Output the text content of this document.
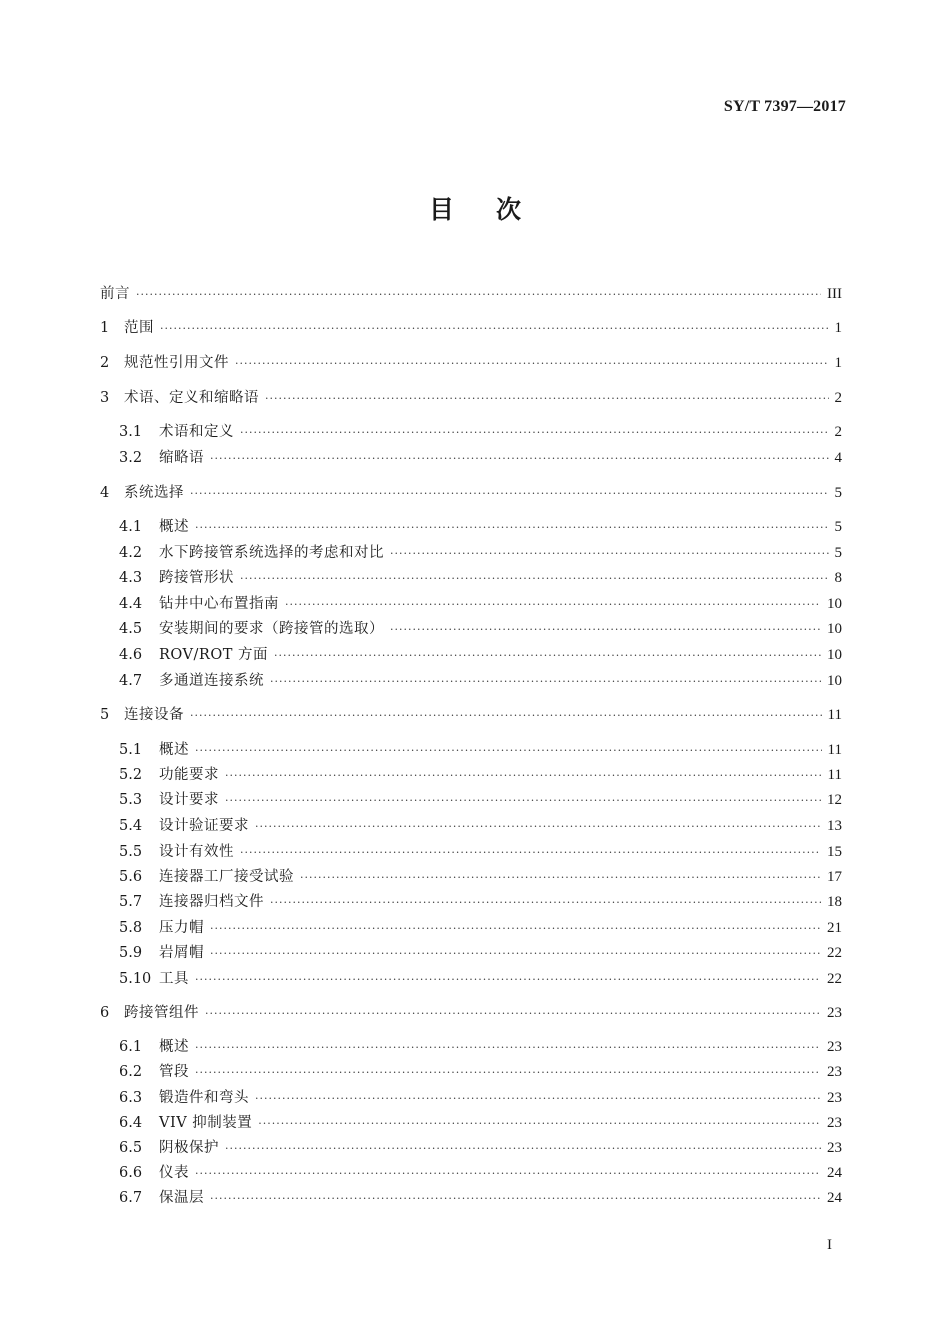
SY/T 7397—2017
目 次
前言 ·····	III
1	范围 ·····	1
2	规范性引用文件 ·····	1
3	术语、定义和缩略语 ·····	2
3.1	术语和定义 ·····	2
3.2	缩略语 ·····	4
4	系统选择 ·····	5
4.1	概述 ·····	5
4.2	水下跨接管系统选择的考虑和对比 ·····	5
4.3	跨接管形状 ·····	8
4.4	钻井中心布置指南 ·····	10
4.5	安装期间的要求（跨接管的选取） ·····	10
4.6	ROV/ROT 方面 ·····	10
4.7	多通道连接系统 ·····	10
5	连接设备 ·····	11
5.1	概述 ·····	11
5.2	功能要求 ·····	11
5.3	设计要求 ·····	12
5.4	设计验证要求 ·····	13
5.5	设计有效性 ·····	15
5.6	连接器工厂接受试验 ·····	17
5.7	连接器归档文件 ·····	18
5.8	压力帽 ·····	21
5.9	岩屑帽 ·····	22
5.10 工具 ·····	22
6	跨接管组件 ·····	23
6.1	概述 ·····	23
6.2	管段 ·····	23
6.3	锻造件和弯头 ·····	23
6.4	VIV 抑制装置 ·····	23
6.5	阴极保护 ·····	23
6.6	仪表 ·····	24
6.7	保温层 ·····	24
I
